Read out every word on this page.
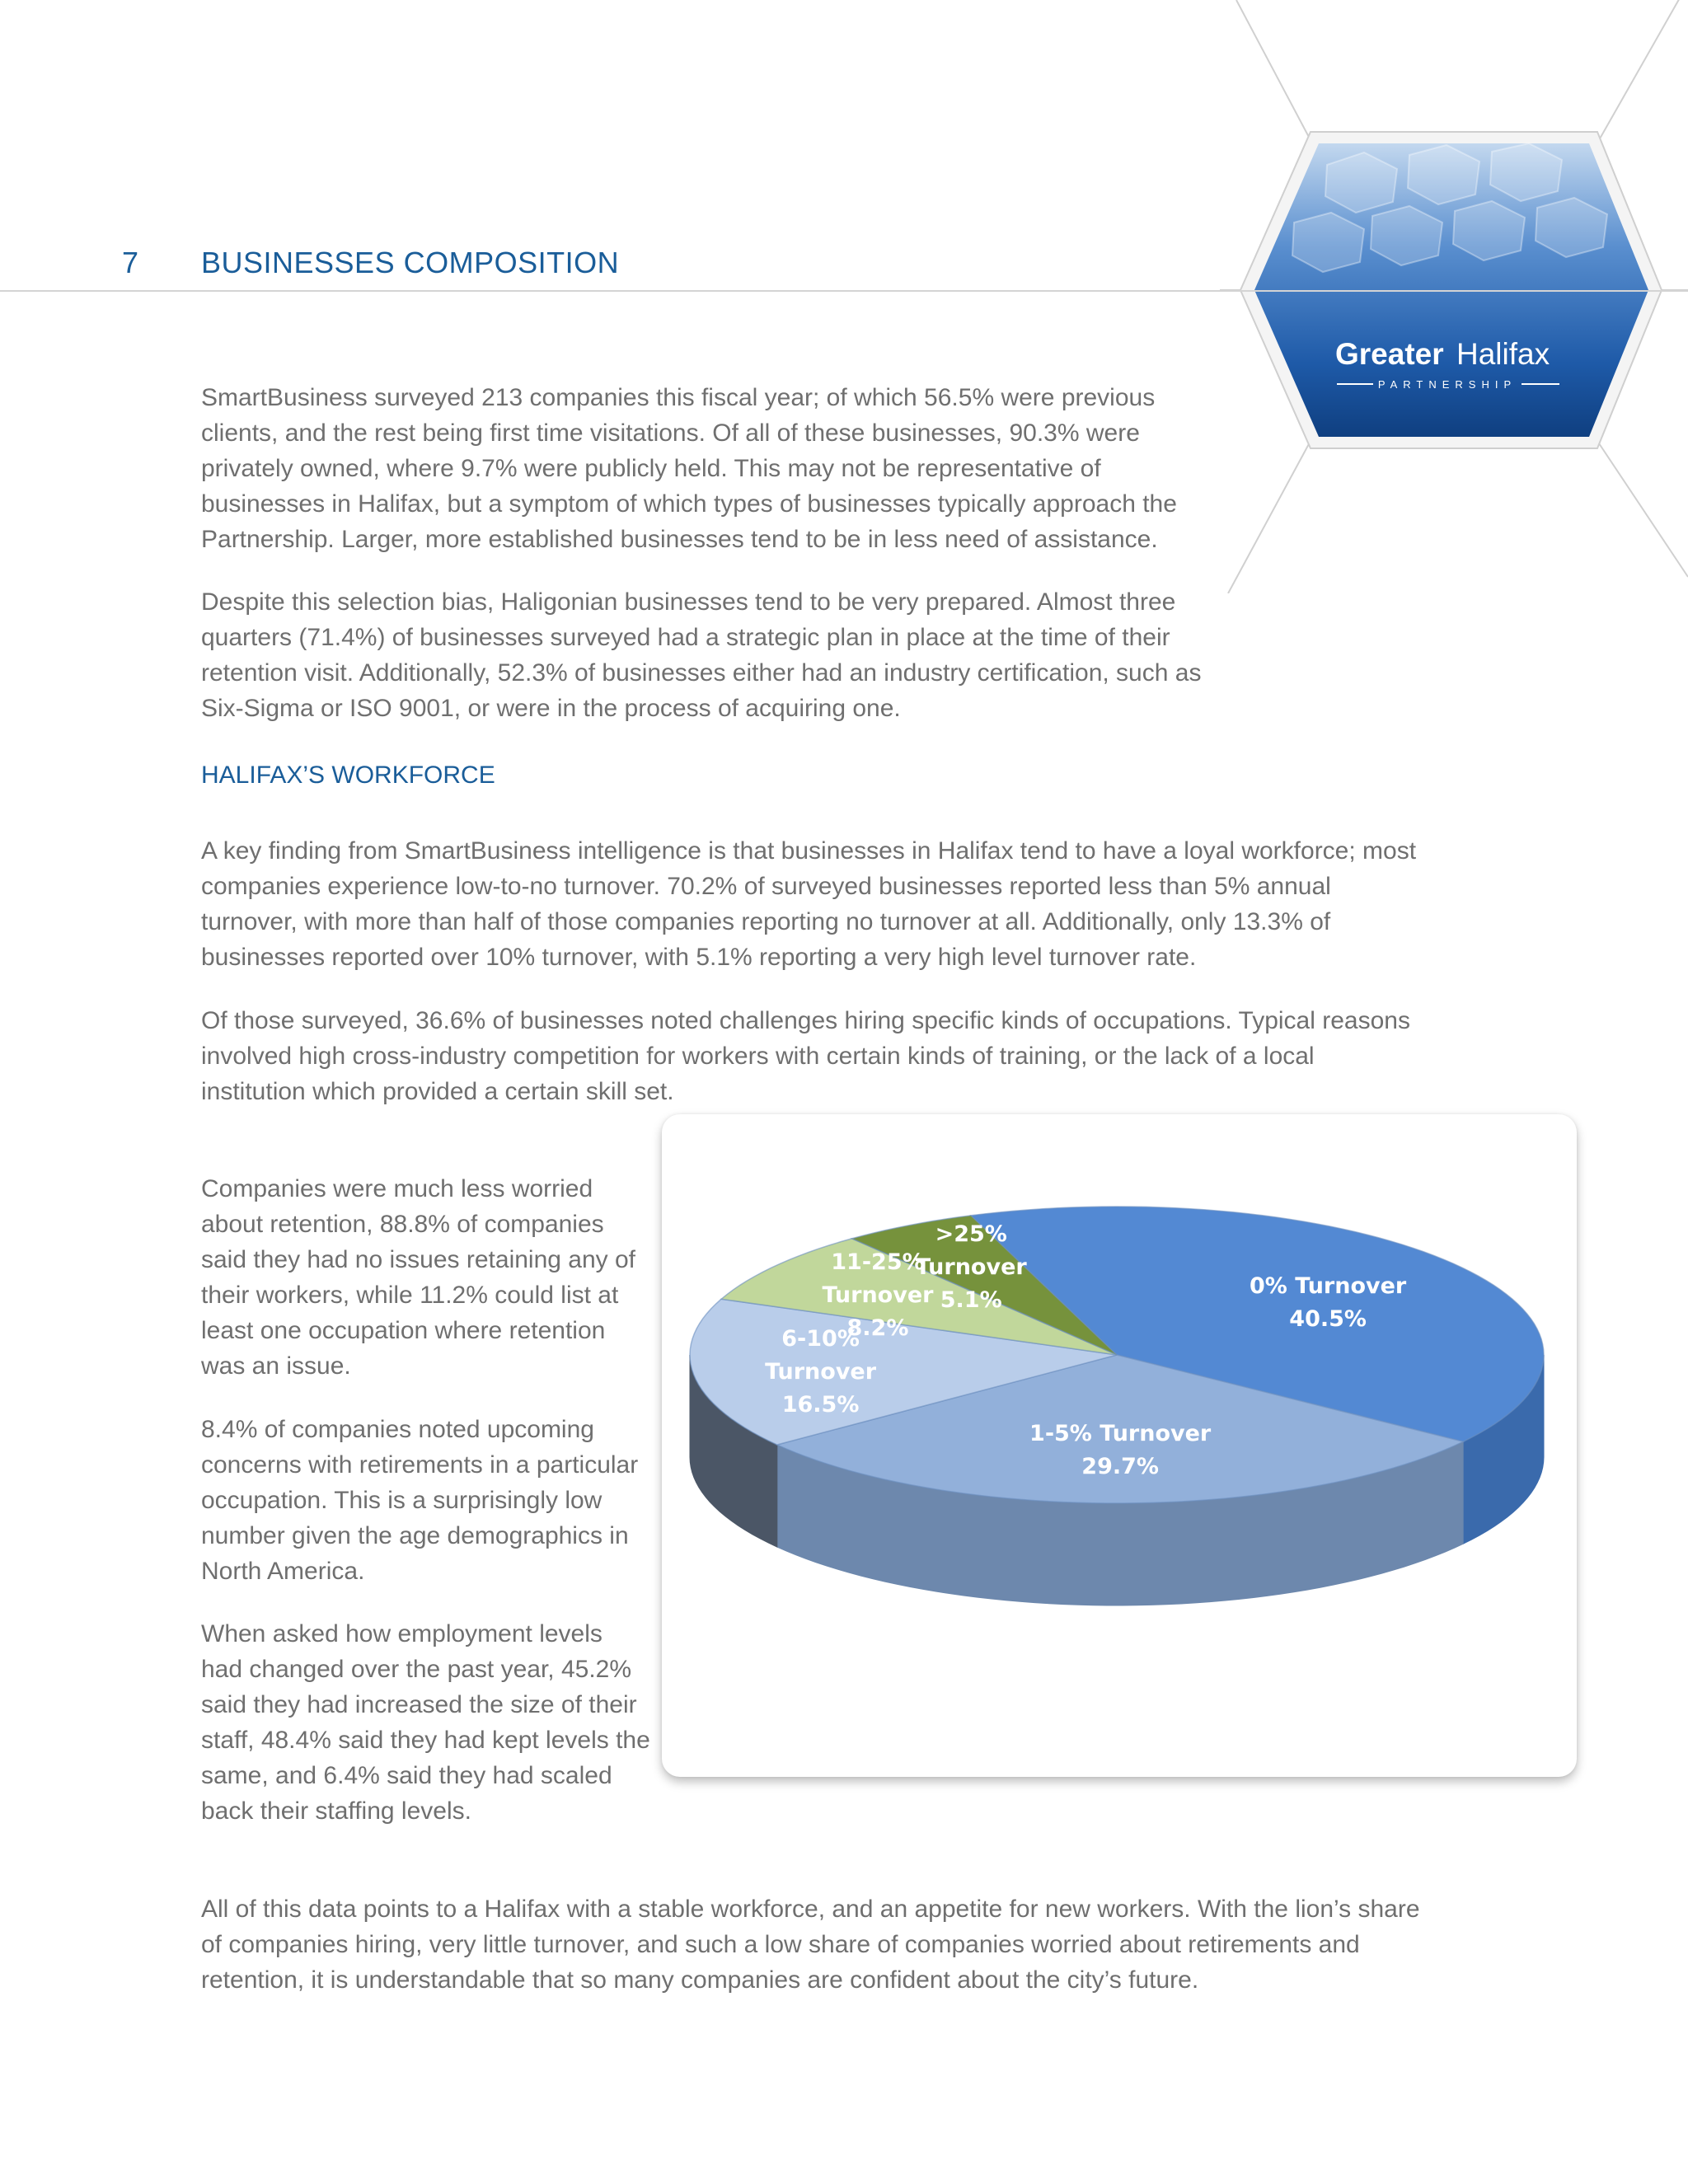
Greater Halifax
PARTNERSHIP
7 BUSINESSES COMPOSITION

SmartBusiness surveyed 213 companies this fiscal year; of which 56.5% were previous clients, and the rest being first time visitations. Of all of these businesses, 90.3% were privately owned, where 9.7% were publicly held. This may not be representative of businesses in Halifax, but a symptom of which types of businesses typically approach the Partnership. Larger, more established businesses tend to be in less need of assistance.

Despite this selection bias, Haligonian businesses tend to be very prepared. Almost three quarters (71.4%) of businesses surveyed had a strategic plan in place at the time of their retention visit. Additionally, 52.3% of businesses either had an industry certification, such as Six-Sigma or ISO 9001, or were in the process of acquiring one.

HALIFAX’S WORKFORCE

A key finding from SmartBusiness intelligence is that businesses in Halifax tend to have a loyal workforce; most companies experience low-to-no turnover. 70.2% of surveyed businesses reported less than 5% annual turnover, with more than half of those companies reporting no turnover at all. Additionally, only 13.3% of businesses reported over 10% turnover, with 5.1% reporting a very high level turnover rate.

Of those surveyed, 36.6% of businesses noted challenges hiring specific kinds of occupations. Typical reasons involved high cross-industry competition for workers with certain kinds of training, or the lack of a local institution which provided a certain skill set.

Companies were much less worried about retention, 88.8% of companies said they had no issues retaining any of their workers, while 11.2% could list at least one occupation where retention was an issue.

8.4% of companies noted upcoming concerns with retirements in a particular occupation. This is a surprisingly low number given the age demographics in North America.

When asked how employment levels had changed over the past year, 45.2% said they had increased the size of their staff, 48.4% said they had kept levels the same, and 6.4% said they had scaled back their staffing levels.

All of this data points to a Halifax with a stable workforce, and an appetite for new workers. With the lion’s share of companies hiring, very little turnover, and such a low share of companies worried about retirements and retention, it is understandable that so many companies are confident about the city’s future.

0% Turnover
40.5%
1-5% Turnover
29.7%
6-10%
Turnover
16.5%
11-25%
Turnover
8.2%
>25%
Turnover
5.1%
